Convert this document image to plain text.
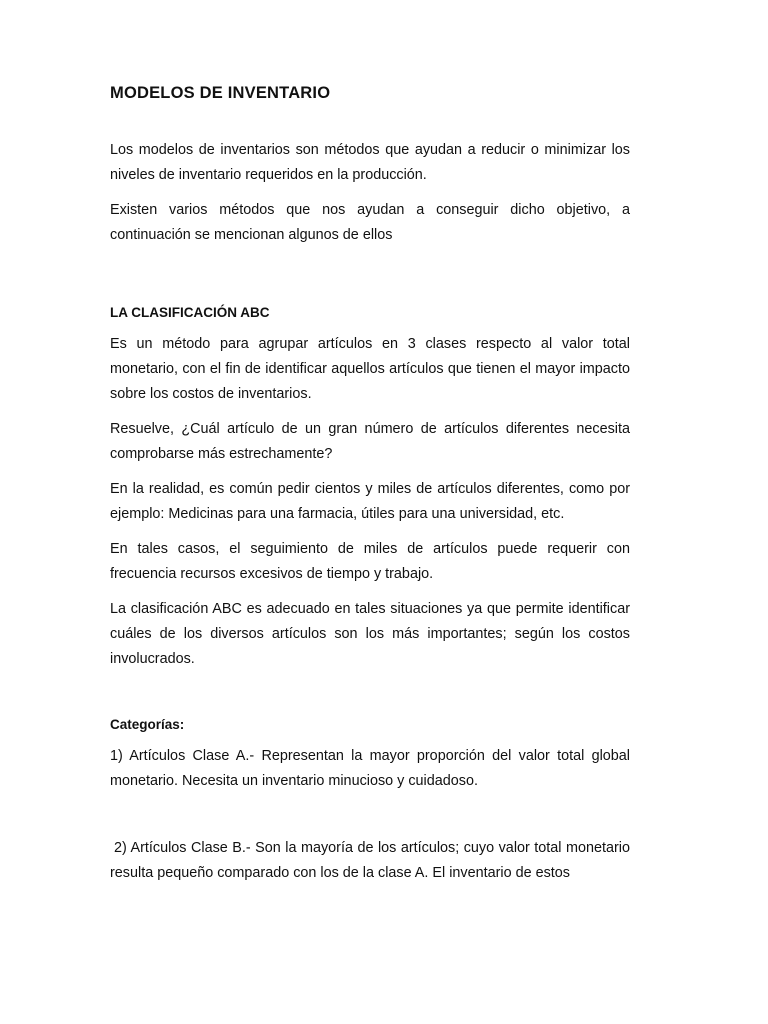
MODELOS DE INVENTARIO

Los modelos de inventarios son métodos que ayudan a reducir o minimizar los niveles de inventario requeridos en la producción.

Existen varios métodos que nos ayudan a conseguir dicho objetivo, a continuación se mencionan algunos de ellos

LA CLASIFICACIÓN ABC

Es un método para agrupar artículos en 3 clases respecto al valor total monetario, con el fin de identificar aquellos artículos que tienen el mayor impacto sobre los costos de inventarios.

Resuelve, ¿Cuál artículo de un gran número de artículos diferentes necesita comprobarse más estrechamente?

En la realidad, es común pedir cientos y miles de artículos diferentes, como por ejemplo: Medicinas para una farmacia, útiles para una universidad, etc.

En tales casos, el seguimiento de miles de artículos puede requerir con frecuencia recursos excesivos de tiempo y trabajo.

La clasificación ABC es adecuado en tales situaciones ya que permite identificar cuáles de los diversos artículos son los más importantes; según los costos involucrados.

Categorías:

1) Artículos Clase A.- Representan la mayor proporción del valor total global monetario. Necesita un inventario minucioso y cuidadoso.

2) Artículos Clase B.- Son la mayoría de los artículos; cuyo valor total monetario resulta pequeño comparado con los de la clase A. El inventario de estos
